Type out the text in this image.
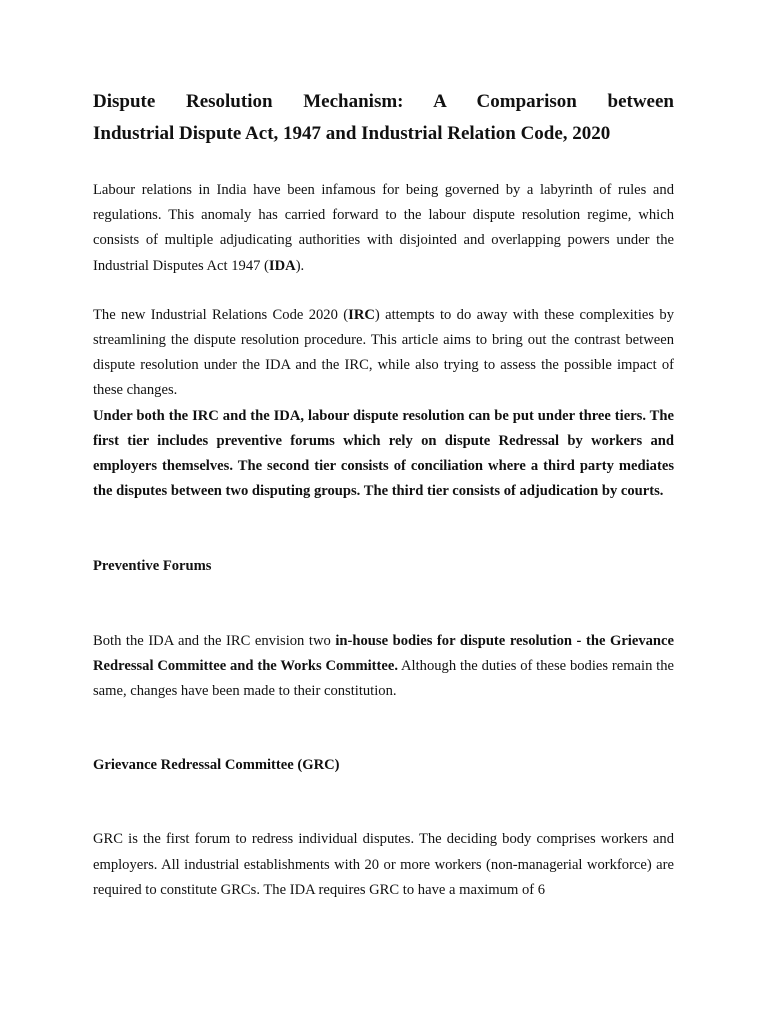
Dispute Resolution Mechanism: A Comparison between
Industrial Dispute Act, 1947 and Industrial Relation Code, 2020

Labour relations in India have been infamous for being governed by a labyrinth of rules and regulations. This anomaly has carried forward to the labour dispute resolution regime, which consists of multiple adjudicating authorities with disjointed and overlapping powers under the Industrial Disputes Act 1947 (IDA).

The new Industrial Relations Code 2020 (IRC) attempts to do away with these complexities by streamlining the dispute resolution procedure. This article aims to bring out the contrast between dispute resolution under the IDA and the IRC, while also trying to assess the possible impact of these changes.

Under both the IRC and the IDA, labour dispute resolution can be put under three tiers. The first tier includes preventive forums which rely on dispute Redressal by workers and employers themselves. The second tier consists of conciliation where a third party mediates the disputes between two disputing groups. The third tier consists of adjudication by courts.

Preventive Forums

Both the IDA and the IRC envision two in-house bodies for dispute resolution - the Grievance Redressal Committee and the Works Committee. Although the duties of these bodies remain the same, changes have been made to their constitution.

Grievance Redressal Committee (GRC)

GRC is the first forum to redress individual disputes. The deciding body comprises workers and employers. All industrial establishments with 20 or more workers (non-managerial workforce) are required to constitute GRCs. The IDA requires GRC to have a maximum of 6
